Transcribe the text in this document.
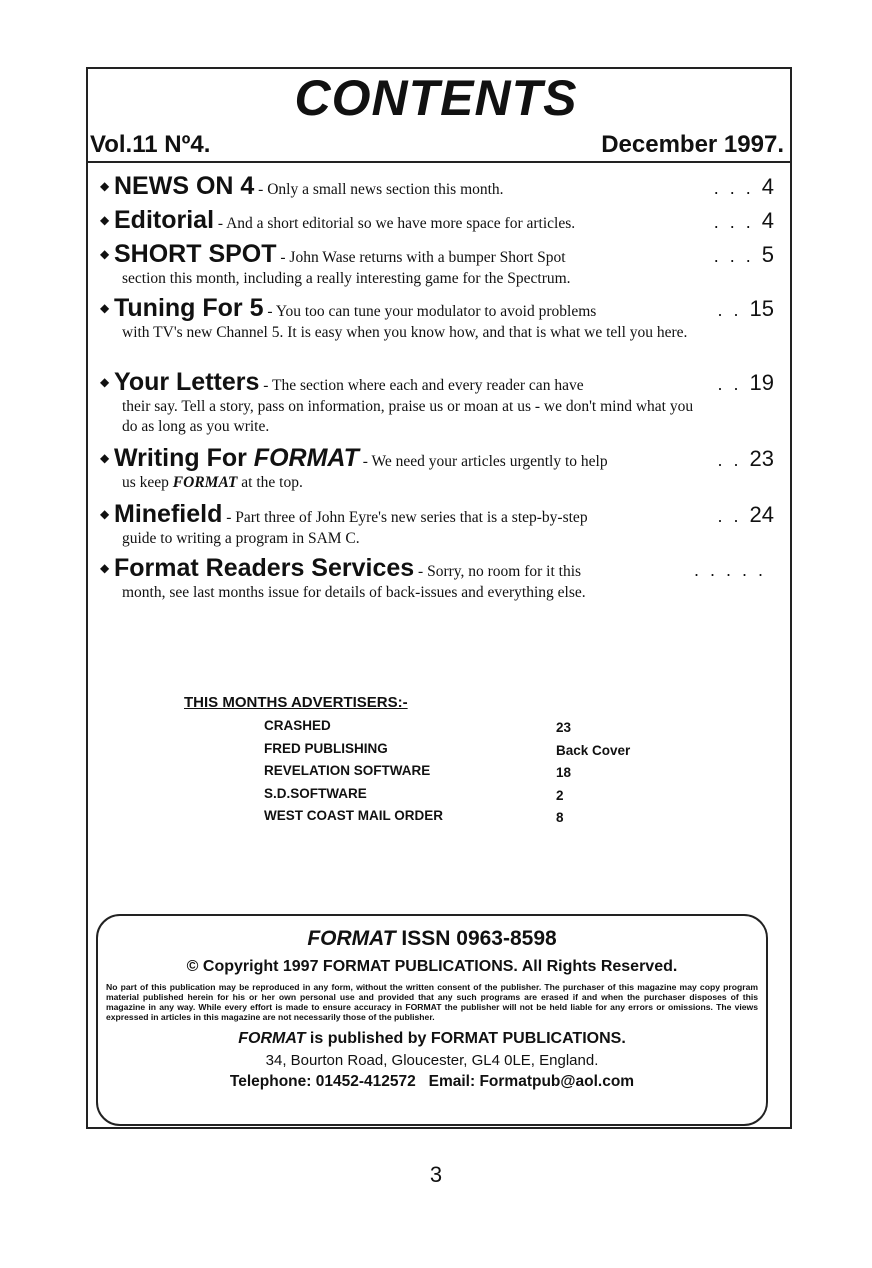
CONTENTS
Vol.11 Nº4.	December 1997.
◆ NEWS ON 4 - Only a small news section this month.	. . . 4
◆ Editorial - And a short editorial so we have more space for articles.	. . . 4
◆ SHORT SPOT - John Wase returns with a bumper Short Spot
section this month, including a really interesting game for the Spectrum.
. . . 5
◆ Tuning For 5 - You too can tune your modulator to avoid problems
with TV's new Channel 5. It is easy when you know how, and that is what we tell you here.
. . 15
◆ Your Letters - The section where each and every reader can have
their say. Tell a story, pass on information, praise us or moan at us - we don't mind what you do as long as you write.
. . 19
◆ Writing For FORMAT - We need your articles urgently to help
us keep FORMAT at the top.
. . 23
◆ Minefield - Part three of John Eyre's new series that is a step-by-step
guide to writing a program in SAM C.
. . 24
◆ Format Readers Services - Sorry, no room for it this
month, see last months issue for details of back-issues and everything else.
. . . . .
THIS MONTHS ADVERTISERS:-
CRASHED	23
FRED PUBLISHING	Back Cover
REVELATION SOFTWARE	18
S.D.SOFTWARE	2
WEST COAST MAIL ORDER	8
FORMAT ISSN 0963-8598
© Copyright 1997 FORMAT PUBLICATIONS. All Rights Reserved.
No part of this publication may be reproduced in any form, without the written consent of the publisher. The purchaser of this magazine may copy program material published herein for his or her own personal use and provided that any such programs are erased if and when the purchaser disposes of this magazine in any way. While every effort is made to ensure accuracy in FORMAT the publisher will not be held liable for any errors or omissions. The views expressed in articles in this magazine are not necessarily those of the publisher.
FORMAT is published by FORMAT PUBLICATIONS.
34, Bourton Road, Gloucester, GL4 0LE, England.
Telephone: 01452-412572   Email: Formatpub@aol.com
3
